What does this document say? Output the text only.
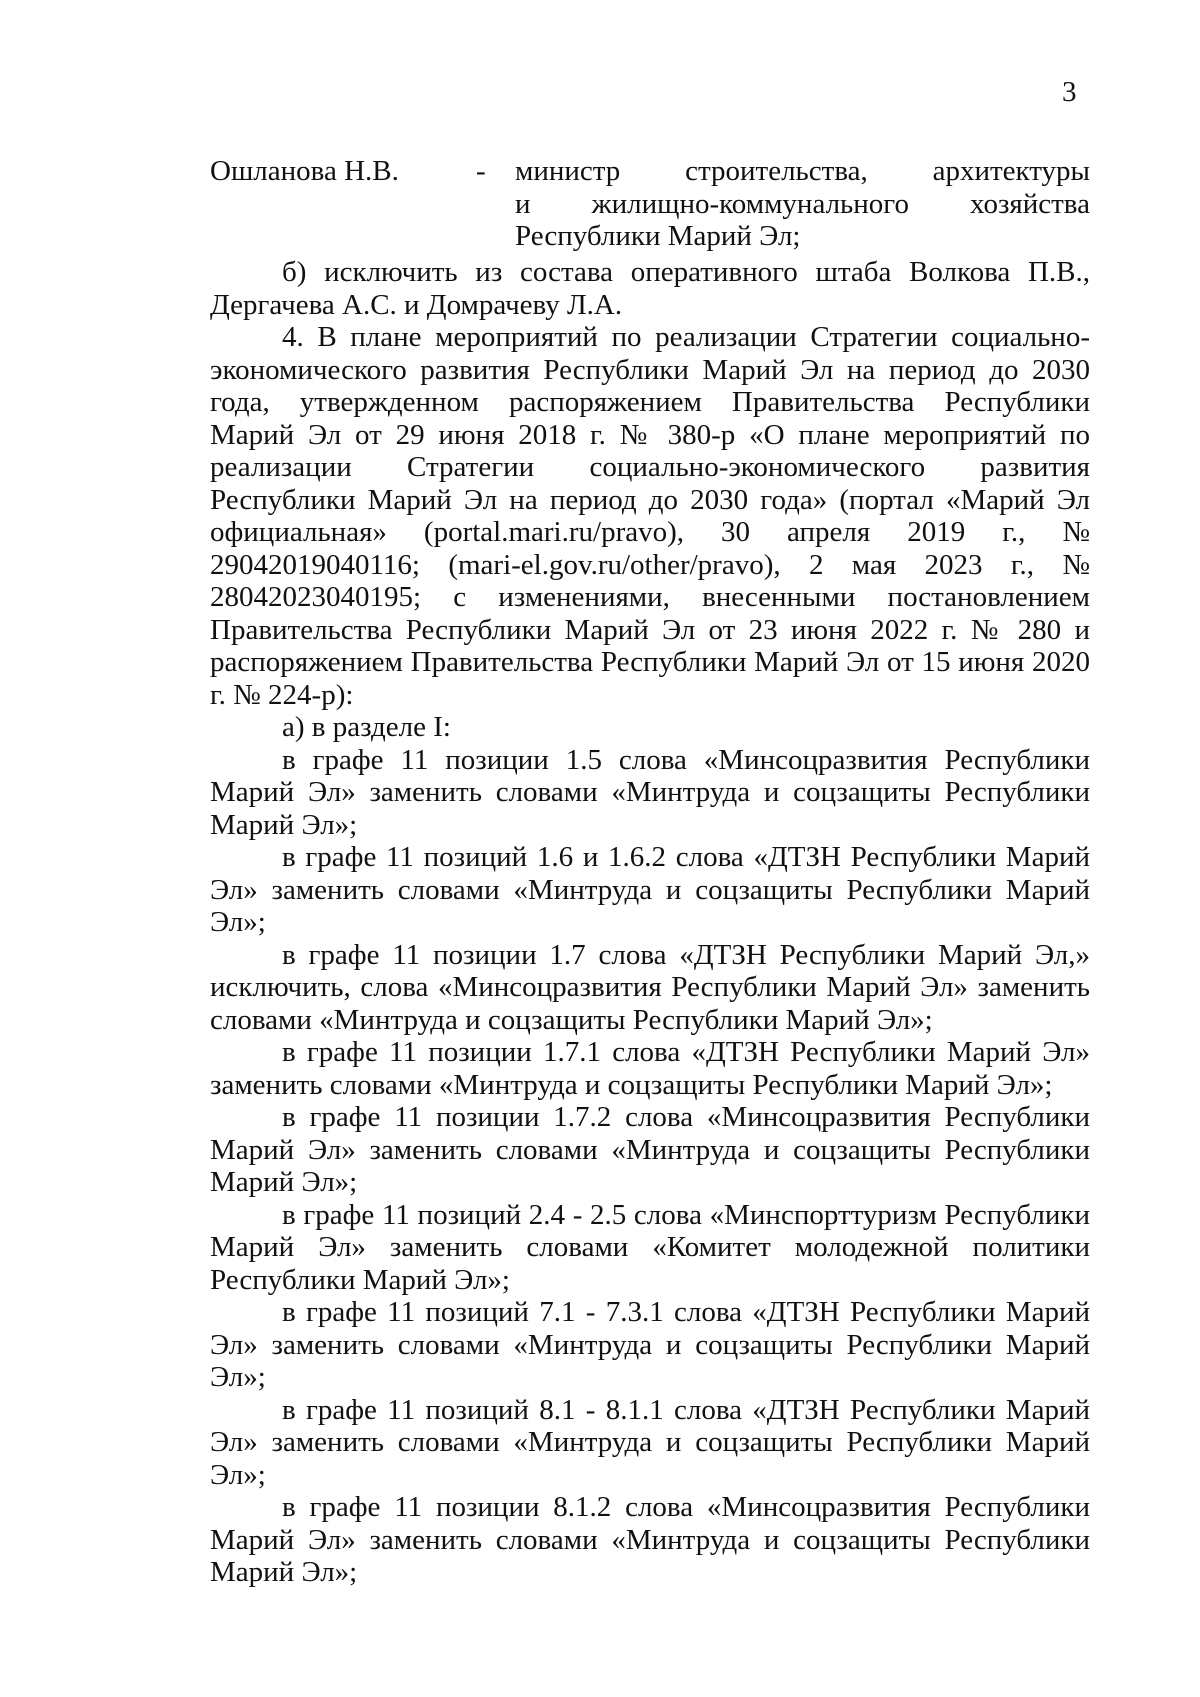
3
Ошланова Н.В.	- министр строительства, архитектуры
и жилищно-коммунального хозяйства
Республики Марий Эл;

б) исключить из состава оперативного штаба Волкова П.В., Дергачева А.С. и Домрачеву Л.А.

4. В плане мероприятий по реализации Стратегии социально-экономического развития Республики Марий Эл на период до 2030 года, утвержденном распоряжением Правительства Республики Марий Эл от 29 июня 2018 г. № 380-р «О плане мероприятий по реализации Стратегии социально-экономического развития Республики Марий Эл на период до 2030 года» (портал «Марий Эл официальная» (portal.mari.ru/pravo), 30 апреля 2019 г., № 29042019040116; (mari-el.gov.ru/other/pravo), 2 мая 2023 г., № 28042023040195; с изменениями, внесенными постановлением Правительства Республики Марий Эл от 23 июня 2022 г. № 280 и распоряжением Правительства Республики Марий Эл от 15 июня 2020 г. № 224-р):

а) в разделе I:

в графе 11 позиции 1.5 слова «Минсоцразвития Республики Марий Эл» заменить словами «Минтруда и соцзащиты Республики Марий Эл»;

в графе 11 позиций 1.6 и 1.6.2 слова «ДТЗН Республики Марий Эл» заменить словами «Минтруда и соцзащиты Республики Марий Эл»;

в графе 11 позиции 1.7 слова «ДТЗН Республики Марий Эл,» исключить, слова «Минсоцразвития Республики Марий Эл» заменить словами «Минтруда и соцзащиты Республики Марий Эл»;

в графе 11 позиции 1.7.1 слова «ДТЗН Республики Марий Эл» заменить словами «Минтруда и соцзащиты Республики Марий Эл»;

в графе 11 позиции 1.7.2 слова «Минсоцразвития Республики Марий Эл» заменить словами «Минтруда и соцзащиты Республики Марий Эл»;

в графе 11 позиций 2.4 - 2.5 слова «Минспорттуризм Республики Марий Эл» заменить словами «Комитет молодежной политики Республики Марий Эл»;

в графе 11 позиций 7.1 - 7.3.1 слова «ДТЗН Республики Марий Эл» заменить словами «Минтруда и соцзащиты Республики Марий Эл»;

в графе 11 позиций 8.1 - 8.1.1 слова «ДТЗН Республики Марий Эл» заменить словами «Минтруда и соцзащиты Республики Марий Эл»;

в графе 11 позиции 8.1.2 слова «Минсоцразвития Республики Марий Эл» заменить словами «Минтруда и соцзащиты Республики Марий Эл»;
